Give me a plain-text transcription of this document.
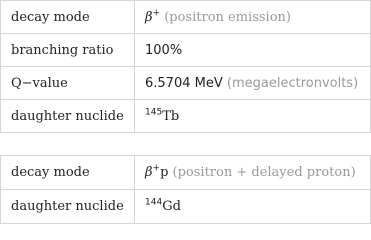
decay mode	β+ (positron emission)
branching ratio	100%
Q−value	6.5704 MeV (megaelectronvolts)
daughter nuclide	$^{145}$Tb
decay mode	β+p (positron + delayed proton)
daughter nuclide	$^{144}$Gd
